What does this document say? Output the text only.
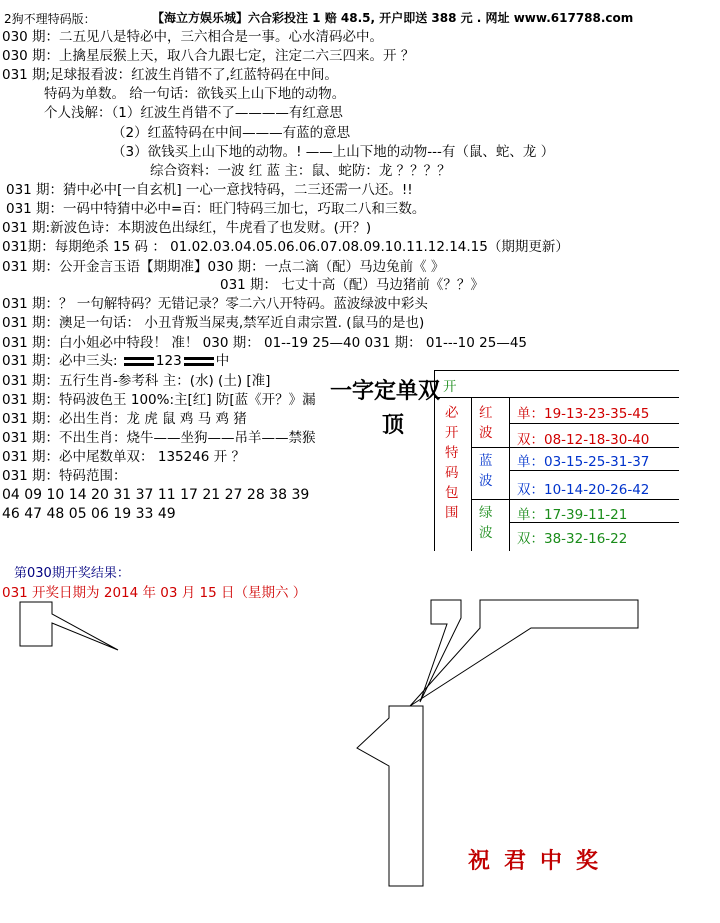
2狗不理特码版：	【海立方娱乐城】六合彩投注 1 赔 48.5, 开户即送 388 元 . 网址 www.617788.com
030 期：二五见八是特必中，三六相合是一事。心水清码必中。
030 期：上擒星辰猴上天，取八合九跟七定，注定二六三四来。开 ？
031 期;足球报看波：红波生肖错不了,红蓝特码在中间。
特码为单数。 给一句话：欲钱买上山下地的动物。
个人浅解：（1）红波生肖错不了————有红意思
（2）红蓝特码在中间———有蓝的意思
（3）欲钱买上山下地的动物。! ——上山下地的动物---有（鼠、蛇、龙 ）
综合资料：一波 红 蓝 主：鼠、蛇防：龙 ？？？？
031 期：猜中必中[一自玄机] 一心一意找特码，二三还需一八还。!!
031 期：一码中特猜中必中=百：旺门特码三加七，巧取二八和三数。
031 期:新波色诗：本期波色出绿红，牛虎看了也发财。(开？)
031期：每期绝杀 15 码 ： 01.02.03.04.05.06.06.07.08.09.10.11.12.14.15（期期更新）
031 期：公开金言玉语【期期准】030 期：一点二滴（配）马边兔前《 》
031 期： 七丈十高（配）马边猪前《？？》
031 期：？ 一句解特码？无错记录？零二六八开特码。蓝波绿波中彩头
031 期：澳足一句话： 小丑背叛当屎夷,禁军近自肃宗置. (鼠马的是也)
031 期：白小姐必中特段！ 准！ 030 期： 01--19 25—40 031 期： 01---10 25—45
031 期：必中三头:	123	中
031 期：五行生肖-参考科 主：(水) (土) [准]
031 期：特码波色王 100%:主[红] 防[蓝《开？》漏
031 期：必出生肖：龙 虎 鼠 鸡 马 鸡 猪
031 期：不出生肖：烧牛——坐狗——吊羊——禁猴
031 期：必中尾数单双： 135246 开 ？
031 期：特码范围：
04 09 10 14 20 31 37 11 17 21 27 28 38 39
46 47 48 05 06 19 33 49
一字定单双
顶
开
必开特码包围
红波
单：19-13-23-35-45
双：08-12-18-30-40
蓝波
单：03-15-25-31-37
双：10-14-20-26-42
绿波
单：17-39-11-21
双：38-32-16-22
第030期开奖结果：
031 开奖日期为 2014 年 03 月 15 日（星期六 ）
祝君中奖
